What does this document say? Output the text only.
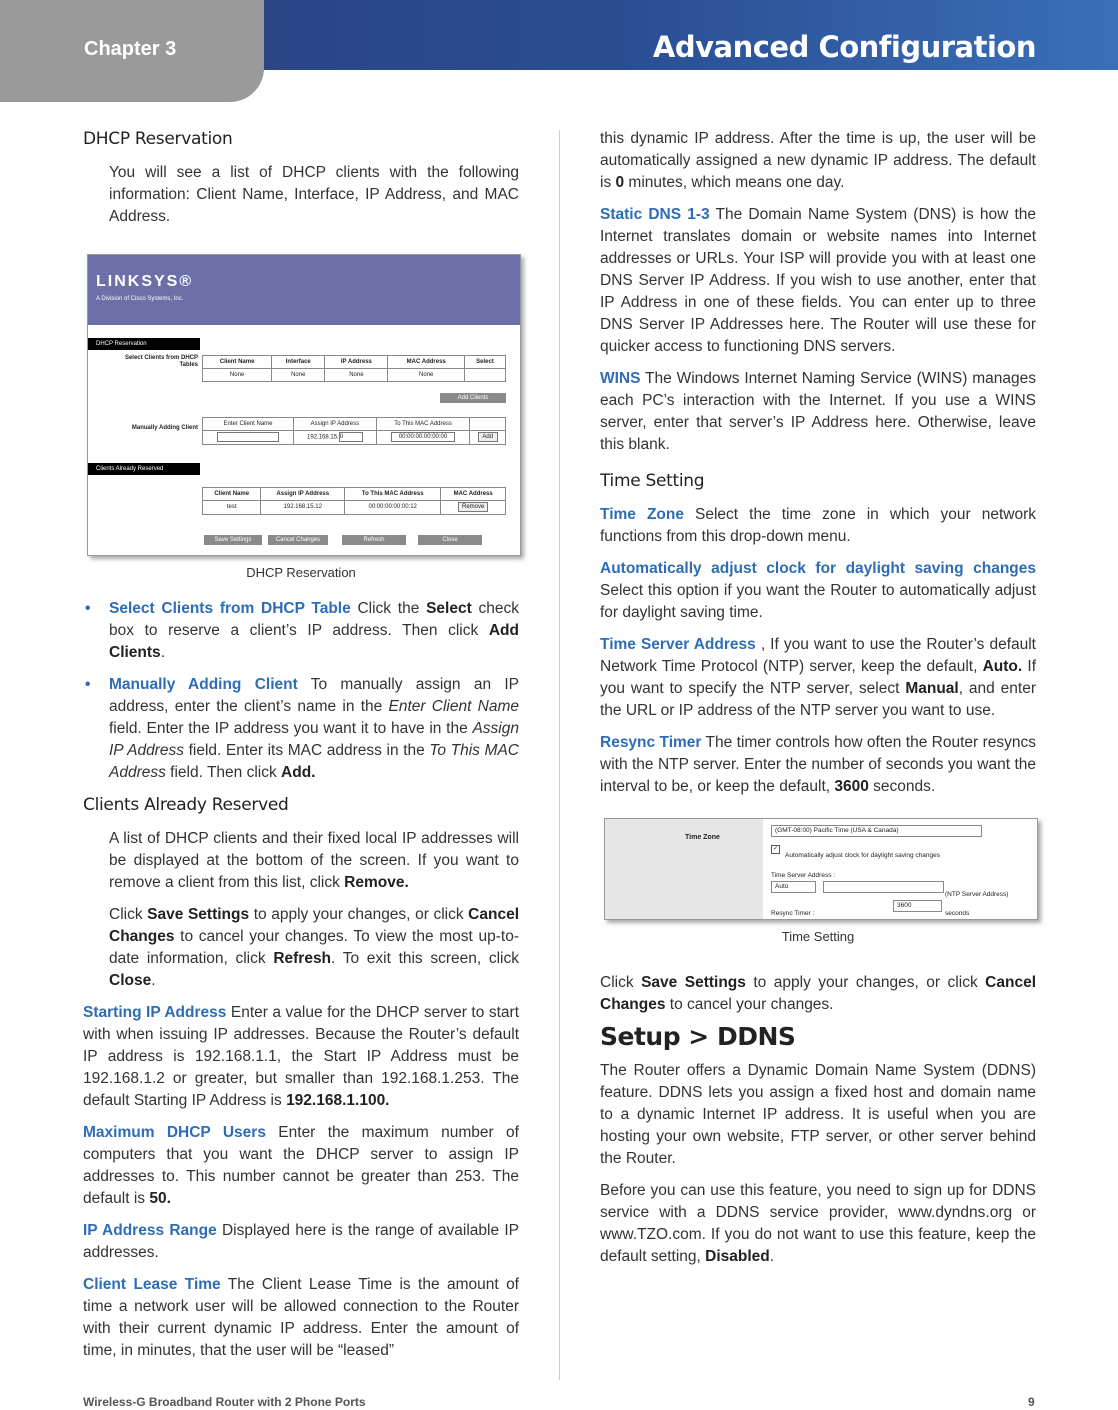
Chapter 3	Advanced Configuration
DHCP Reservation

You will see a list of DHCP clients with the following information: Client Name, Interface, IP Address, and MAC Address.

LINKSYS®
A Division of Cisco Systems, Inc.
DHCP Reservation
Select Clients from DHCP Tables
Client Name	Interface	IP Address	MAC Address	Select
None	None	None	None	
Add Clients
Manually Adding Client
Enter Client Name	Assign IP Address	To This MAC Address	
	192.168.15.0	00:00:00:00:00:00	Add
Clients Already Reserved
Client Name	Assign IP Address	To This MAC Address	MAC Address
test	192.168.15.12	00:00:00:00:00:12	Remove
Save Settings	Cancel Changes	Refresh	Close
DHCP Reservation
• Select Clients from DHCP Table Click the Select check box to reserve a client’s IP address. Then click Add Clients.
• Manually Adding Client To manually assign an IP address, enter the client’s name in the Enter Client Name field. Enter the IP address you want it to have in the Assign IP Address field. Enter its MAC address in the To This MAC Address field. Then click Add.
Clients Already Reserved

A list of DHCP clients and their fixed local IP addresses will be displayed at the bottom of the screen. If you want to remove a client from this list, click Remove.

Click Save Settings to apply your changes, or click Cancel Changes to cancel your changes. To view the most up-to-date information, click Refresh. To exit this screen, click Close.

Starting IP Address Enter a value for the DHCP server to start with when issuing IP addresses. Because the Router’s default IP address is 192.168.1.1, the Start IP Address must be 192.168.1.2 or greater, but smaller than 192.168.1.253. The default Starting IP Address is 192.168.1.100.

Maximum DHCP Users Enter the maximum number of computers that you want the DHCP server to assign IP addresses to. This number cannot be greater than 253. The default is 50.

IP Address Range Displayed here is the range of available IP addresses.

Client Lease Time The Client Lease Time is the amount of time a network user will be allowed connection to the Router with their current dynamic IP address. Enter the amount of time, in minutes, that the user will be “leased”

this dynamic IP address. After the time is up, the user will be automatically assigned a new dynamic IP address. The default is 0 minutes, which means one day.

Static DNS 1-3 The Domain Name System (DNS) is how the Internet translates domain or website names into Internet addresses or URLs. Your ISP will provide you with at least one DNS Server IP Address. If you wish to use another, enter that IP Address in one of these fields. You can enter up to three DNS Server IP Addresses here. The Router will use these for quicker access to functioning DNS servers.

WINS The Windows Internet Naming Service (WINS) manages each PC’s interaction with the Internet. If you use a WINS server, enter that server’s IP Address here. Otherwise, leave this blank.

Time Setting

Time Zone Select the time zone in which your network functions from this drop-down menu.

Automatically adjust clock for daylight saving changes Select this option if you want the Router to automatically adjust for daylight saving time.

Time Server Address , If you want to use the Router’s default Network Time Protocol (NTP) server, keep the default, Auto. If you want to specify the NTP server, select Manual, and enter the URL or IP address of the NTP server you want to use.

Resync Timer The timer controls how often the Router resyncs with the NTP server. Enter the number of seconds you want the interval to be, or keep the default, 3600 seconds.

Time Zone
(GMT-08:00) Pacific Time (USA & Canada)
✓
Automatically adjust clock for daylight saving changes
Time Server Address :
Auto
(NTP Server Address)
Resync Timer :
3600
seconds
Time Setting

Click Save Settings to apply your changes, or click Cancel Changes to cancel your changes.

Setup > DDNS

The Router offers a Dynamic Domain Name System (DDNS) feature. DDNS lets you assign a fixed host and domain name to a dynamic Internet IP address. It is useful when you are hosting your own website, FTP server, or other server behind the Router.

Before you can use this feature, you need to sign up for DDNS service with a DDNS service provider, www.dyndns.org or www.TZO.com. If you do not want to use this feature, keep the default setting, Disabled.

Wireless-G Broadband Router with 2 Phone Ports	9
